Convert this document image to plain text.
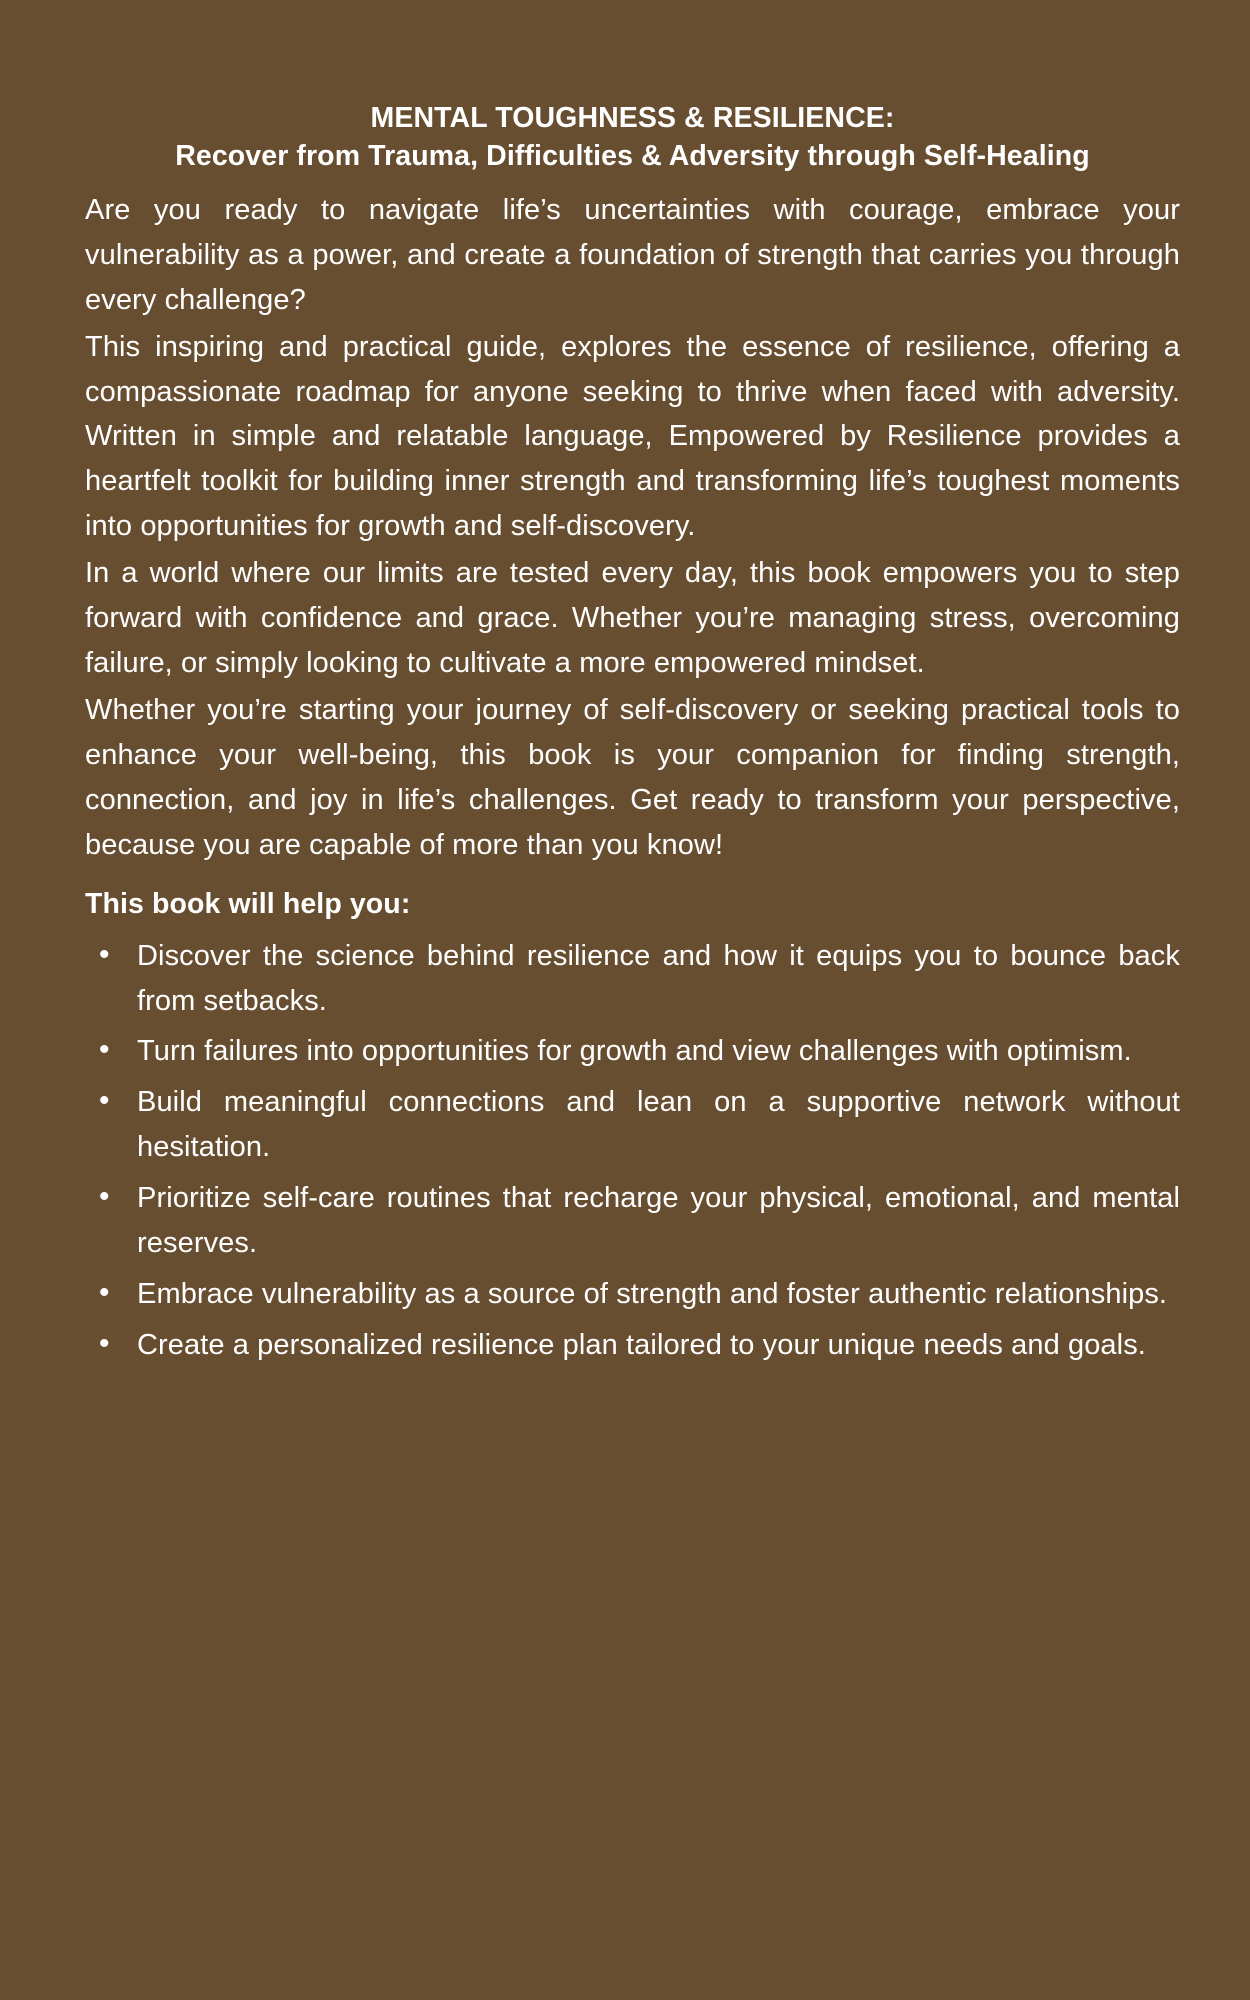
MENTAL TOUGHNESS & RESILIENCE:
Recover from Trauma, Difficulties & Adversity through Self-Healing

Are you ready to navigate life’s uncertainties with courage, embrace your vulnerability as a power, and create a foundation of strength that carries you through every challenge?

This inspiring and practical guide, explores the essence of resilience, offering a compassionate roadmap for anyone seeking to thrive when faced with adversity. Written in simple and relatable language, Empowered by Resilience provides a heartfelt toolkit for building inner strength and transforming life’s toughest moments into opportunities for growth and self-discovery.

In a world where our limits are tested every day, this book empowers you to step forward with confidence and grace. Whether you’re managing stress, overcoming failure, or simply looking to cultivate a more empowered mindset.

Whether you’re starting your journey of self-discovery or seeking practical tools to enhance your well-being, this book is your companion for finding strength, connection, and joy in life’s challenges. Get ready to transform your perspective, because you are capable of more than you know!

This book will help you:
• Discover the science behind resilience and how it equips you to bounce back from setbacks.
• Turn failures into opportunities for growth and view challenges with optimism.
• Build meaningful connections and lean on a supportive network without hesitation.
• Prioritize self-care routines that recharge your physical, emotional, and mental reserves.
• Embrace vulnerability as a source of strength and foster authentic relationships.
• Create a personalized resilience plan tailored to your unique needs and goals.
